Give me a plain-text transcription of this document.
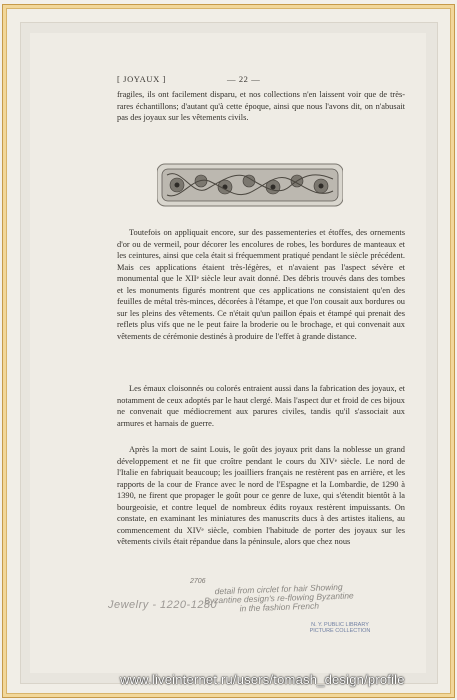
[ JOYAUX ]	— 22 —
fragiles, ils ont facilement disparu, et nos collections n'en laissent voir que de très-rares échantillons; d'autant qu'à cette époque, ainsi que nous l'avons dit, on n'abusait pas des joyaux sur les vêtements civils.
Toutefois on appliquait encore, sur des passementeries et étoffes, des ornements d'or ou de vermeil, pour décorer les encolures de robes, les bordures de manteaux et les ceintures, ainsi que cela était si fréquemment pratiqué pendant le siècle précédent. Mais ces applications étaient très-légères, et n'avaient pas l'aspect sévère et monumental que le XIIᵉ siècle leur avait donné. Des débris trouvés dans des tombes et les monuments figurés montrent que ces applications ne consistaient qu'en des feuilles de métal très-minces, décorées à l'étampe, et que l'on cousait aux bordures ou sur les pleins des vêtements. Ce n'était qu'un paillon épais et étampé qui prenait des reflets plus vifs que ne le peut faire la broderie ou le brochage, et qui convenait aux vêtements de cérémonie destinés à produire de l'effet à grande distance.
Les émaux cloisonnés ou colorés entraient aussi dans la fabrication des joyaux, et notamment de ceux adoptés par le haut clergé. Mais l'aspect dur et froid de ces bijoux ne convenait que médiocrement aux parures civiles, tandis qu'il s'associait aux armures et harnais de guerre.
Après la mort de saint Louis, le goût des joyaux prit dans la noblesse un grand développement et ne fit que croître pendant le cours du XIVᵉ siècle. Le nord de l'Italie en fabriquait beaucoup; les joailliers français ne restèrent pas en arrière, et les rapports de la cour de France avec le nord de l'Espagne et la Lombardie, de 1290 à 1390, ne firent que propager le goût pour ce genre de luxe, qui s'étendit bientôt à la bourgeoisie, et contre lequel de nombreux édits royaux restèrent impuissants. On constate, en examinant les miniatures des manuscrits ducs à des artistes italiens, au commencement du XIVᵉ siècle, combien l'habitude de porter des joyaux sur les vêtements civils était répandue dans la péninsule, alors que chez nous
2706
detail from circlet for hair Showing Byzantine design's re-flowing Byzantine in the fashion French
Jewelry - 1220-1280
N. Y. PUBLIC LIBRARY PICTURE COLLECTION
www.liveinternet.ru/users/tomash_design/profile
